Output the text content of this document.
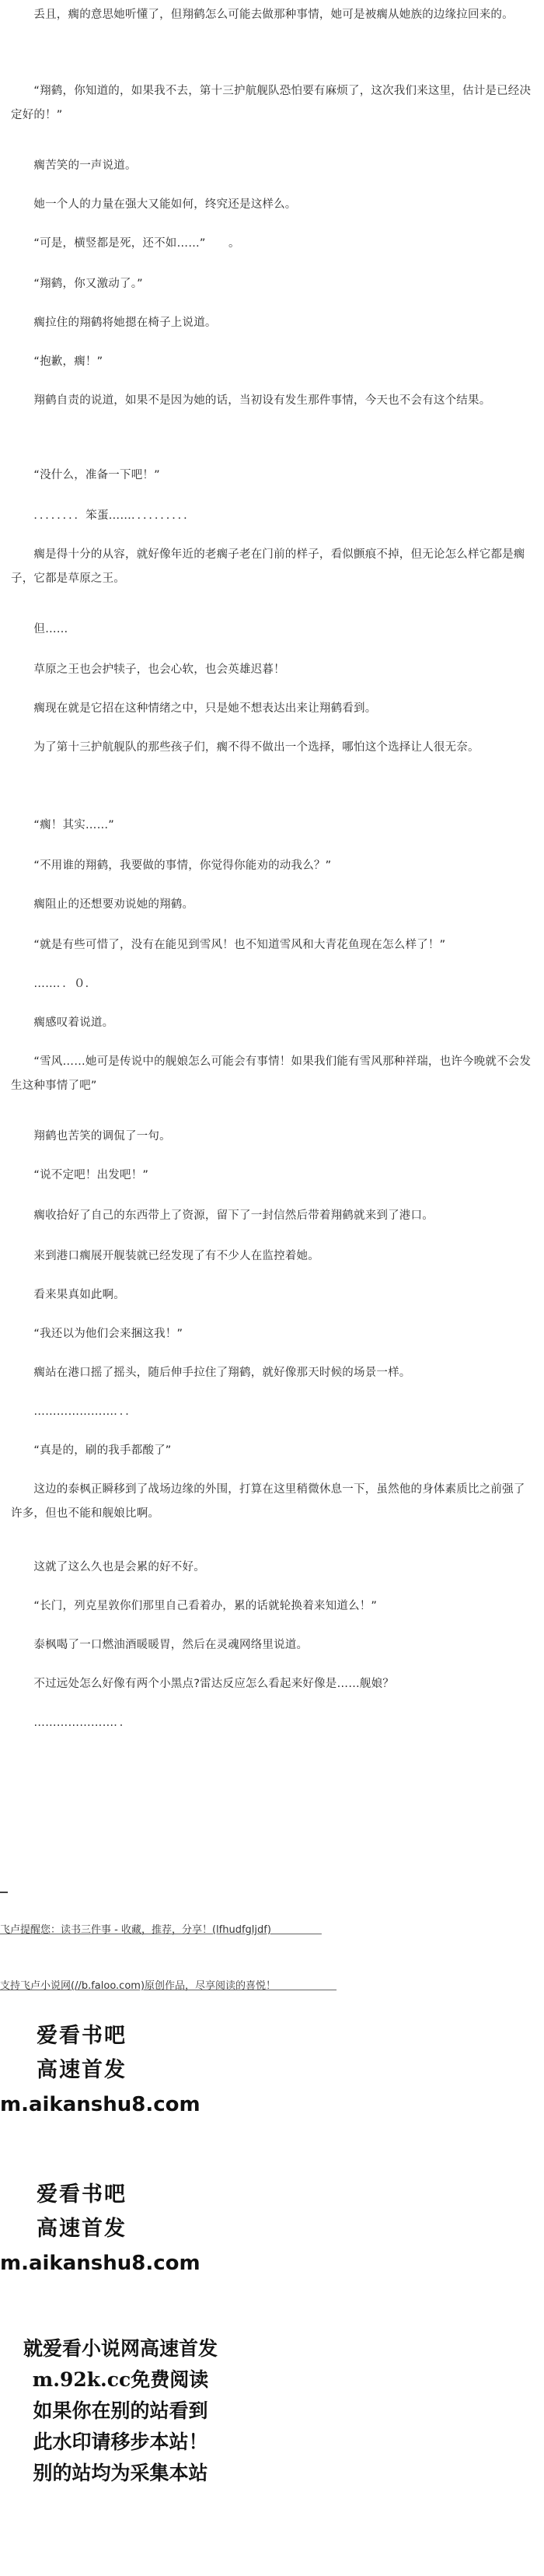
　　丢且，瘸的意思她听懂了，但翔鹤怎么可能去做那种事情，她可是被瘸从她族的边缘拉回来的。

　　“翔鹤，你知道的，如果我不去，第十三护航舰队恐怕要有麻烦了，这次我们来这里，估计是已经决定好的！”

　　瘸苦笑的一声说道。

　　她一个人的力量在强大又能如何，终究还是这样么。

　　“可是，横竖都是死，还不如……”　　。

　　“翔鹤，你又激动了。”

　　瘸拉住的翔鹤将她摁在椅子上说道。

　　“抱歉，瘸！”

　　翔鹤自责的说道，如果不是因为她的话，当初设有发生那件事情，今天也不会有这个结果。

　　“没什么，准备一下吧！”

　　．．．．．．．．笨蛋……．．．．．．．．．．

　　瘸是得十分的从容，就好像年近的老瘸子老在门前的样子，看似颤痕不掉，但无论怎么样它都是瘸子，它都是草原之王。

　　但……

　　草原之王也会护犊子，也会心软，也会英雄迟暮！

　　瘸现在就是它招在这种情绪之中，只是她不想表达出来让翔鹤看到。

　　为了第十三护航舰队的那些孩子们，瘸不得不做出一个选择，哪怕这个选择让人很无奈。

　　“瘸！其实……”　　

　　“不用谁的翔鹤，我要做的事情，你觉得你能劝的动我么？”

　　瘸阻止的还想要劝说她的翔鹤。

　　“就是有些可惜了，没有在能见到雪风！也不知道雪风和大青花鱼现在怎么样了！”

　　……．．０．　　　　

　　瘸感叹着说道。

　　“雪风……她可是传说中的舰娘怎么可能会有事情！如果我们能有雪风那种祥瑞，也许今晚就不会发生这种事情了吧”

　　翔鹤也苦笑的调侃了一句。

　　“说不定吧！出发吧！”

　　瘸收拾好了自己的东西带上了资源，留下了一封信然后带着翔鹤就来到了港口。

　　来到港口瘸展开舰装就已经发现了有不少人在监控着她。

　　看来果真如此啊。

　　“我还以为他们会来捆这我！”

　　瘸站在港口摇了摇头，随后伸手拉住了翔鹤，就好像那天时候的场景一样。

　　…………………．．．　　　　　

　　“真是的，刷的我手都酸了”

　　这边的泰枫正瞬移到了战场边缘的外围，打算在这里稍微休息一下，虽然他的身体素质比之前强了许多，但也不能和舰娘比啊。

　　这就了这么久也是会累的好不好。

　　“长门，列克星敦你们那里自己看着办，累的话就轮换着来知道么！”

　　泰枫喝了一口燃油酒暖暖胃，然后在灵魂网络里说道。

　　不过远处怎么好像有两个小黑点?雷达反应怎么看起来好像是……舰娘？　　　　

　　…………………．．　　　　　　　　

飞卢提醒您：读书三件事 - 收藏，推荐，分享！(lfhudfgljdf)　　　　　
支持飞卢小说网(//b.faloo.com)原创作品，尽享阅读的喜悦！　　　　　　
爱看书吧
高速首发
m.aikanshu8.com
爱看书吧
高速首发
m.aikanshu8.com
就爱看小说网高速首发
m.92k.cc免费阅读
如果你在别的站看到
此水印请移步本站！
别的站均为采集本站
